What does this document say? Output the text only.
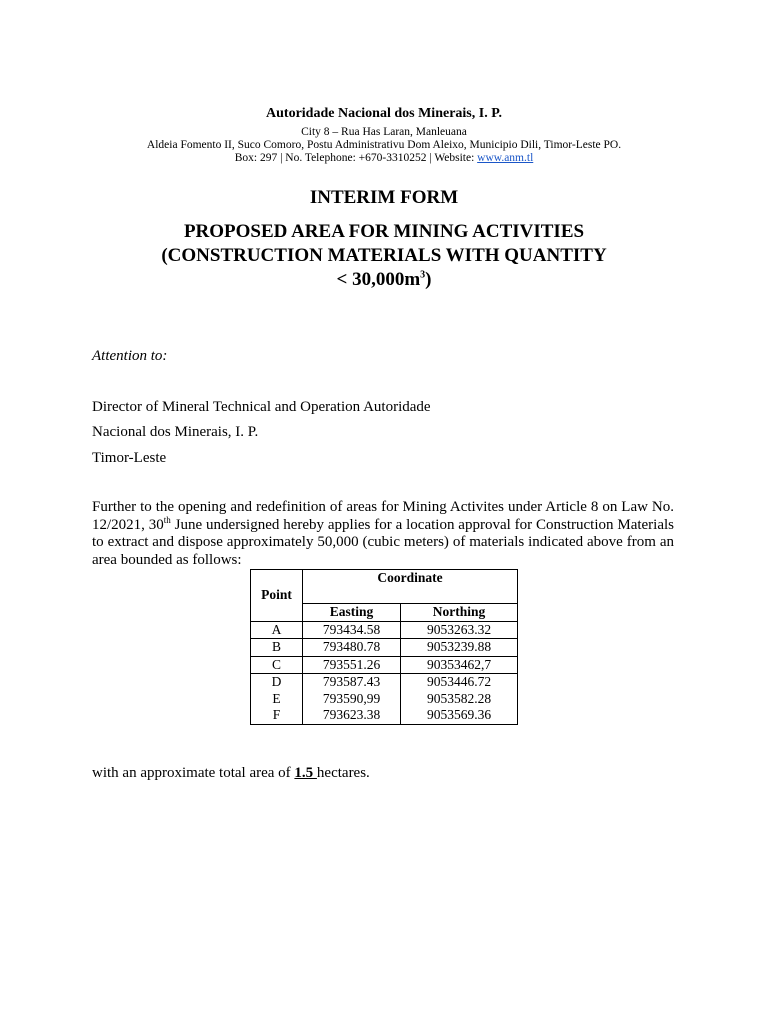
Autoridade Nacional dos Minerais, I. P.
City 8 – Rua Has Laran, Manleuana
Aldeia Fomento II, Suco Comoro, Postu Administrativu Dom Aleixo, Municipio Dili, Timor-Leste PO.
Box: 297 | No. Telephone: +670-3310252 | Website: www.anm.tl
INTERIM FORM
PROPOSED AREA FOR MINING ACTIVITIES
(CONSTRUCTION MATERIALS WITH QUANTITY
< $30,000m^3$)
Attention to:
Director of Mineral Technical and Operation Autoridade
Nacional dos Minerais, I. P.
Timor-Leste
Further to the opening and redefinition of areas for Mining Activites under Article 8 on Law No. 12/2021, 30th June undersigned hereby applies for a location approval for Construction Materials to extract and dispose approximately 50,000 (cubic meters) of materials indicated above from an area bounded as follows:
Point	Coordinate	
	Easting	Northing
A	793434.58	9053263.32
B	793480.78	9053239.88
C	793551.26	90353462,7
D	793587.43	9053446.72
E	793590,99	9053582.28
F	793623.38	9053569.36
with an approximate total area of 1.5 hectares.
